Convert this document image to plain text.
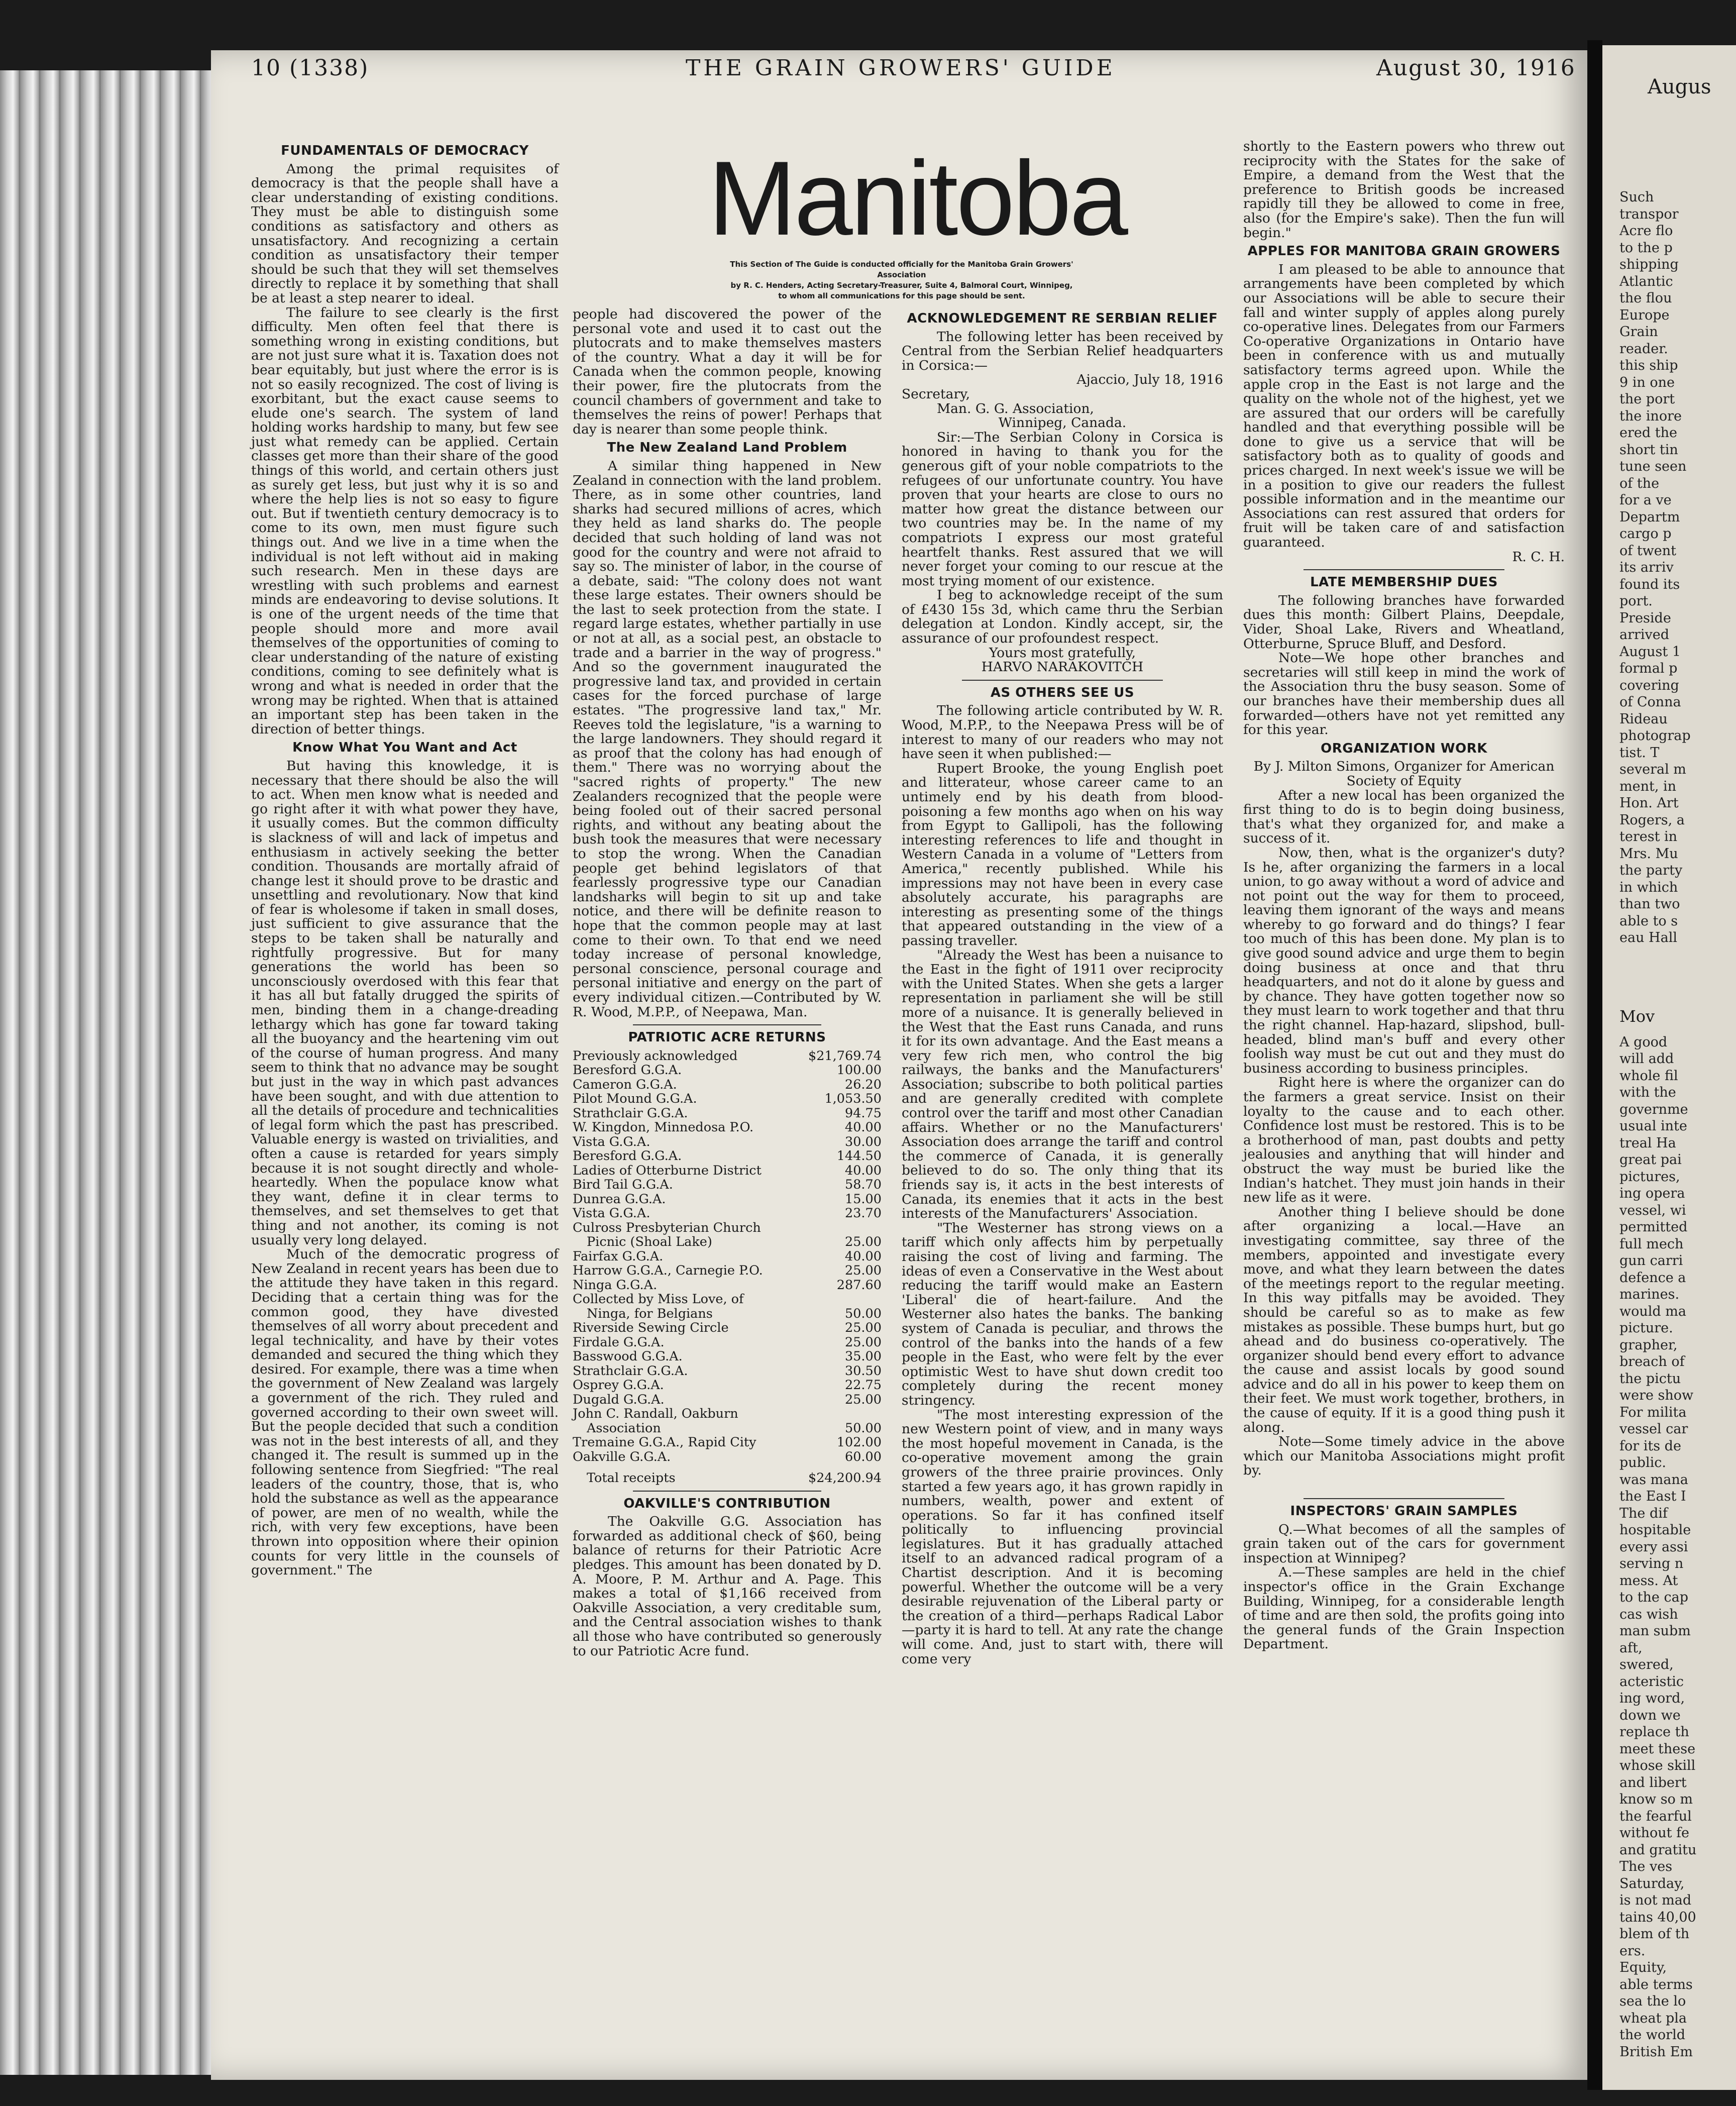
Augus
Such
transpor
Acre flo
to the p
shipping
Atlantic
the flou
Europe
Grain
reader.
this ship
9 in one
the port
the inore
ered the
short tin
tune seen
of the
for a ve
Departm
cargo p
of twent
its arriv
found its
port.
Preside
arrived
August 1
formal p
covering
of Conna
Rideau
photograp
tist. T
several m
ment, in
Hon. Art
Rogers, a
terest in
Mrs. Mu
the party
in which
than two
able to s
eau Hall
Mov
A good
will add
whole fil
with the
governme
usual inte
treal Ha
great pai
pictures,
ing opera
vessel, wi
permitted
full mech
gun carri
defence a
marines.
would ma
picture.
grapher,
breach of
the pictu
were show
For milita
vessel car
for its de
public.
was mana
the East I
The dif
hospitable
every assi
serving n
mess. At
to the cap
cas wish
man subm
aft,
swered,
acteristic
ing word,
down we
replace th
meet these
whose skill
and libert
know so m
the fearful
without fe
and gratitu
The ves
Saturday,
is not mad
tains 40,00
blem of th
ers.
Equity,
able terms
sea the lo
wheat pla
the world
British Em
10 (1338)	THE GRAIN GROWERS' GUIDE	August 30, 1916
Manitoba
This Section of The Guide is conducted officially for the Manitoba Grain Growers' Association
by R. C. Henders, Acting Secretary-Treasurer, Suite 4, Balmoral Court, Winnipeg,
to whom all communications for this page should be sent.
FUNDAMENTALS OF DEMOCRACY

Among the primal requisites of democracy is that the people shall have a clear understanding of existing conditions. They must be able to distinguish some conditions as satisfactory and others as unsatisfactory. And recognizing a certain condition as unsatisfactory their temper should be such that they will set themselves directly to replace it by something that shall be at least a step nearer to ideal.

The failure to see clearly is the first difficulty. Men often feel that there is something wrong in existing conditions, but are not just sure what it is. Taxation does not bear equitably, but just where the error is is not so easily recognized. The cost of living is exorbitant, but the exact cause seems to elude one's search. The system of land holding works hardship to many, but few see just what remedy can be applied. Certain classes get more than their share of the good things of this world, and certain others just as surely get less, but just why it is so and where the help lies is not so easy to figure out. But if twentieth century democracy is to come to its own, men must figure such things out. And we live in a time when the individual is not left without aid in making such research. Men in these days are wrestling with such problems and earnest minds are endeavoring to devise solutions. It is one of the urgent needs of the time that people should more and more avail themselves of the opportunities of coming to clear understanding of the nature of existing conditions, coming to see definitely what is wrong and what is needed in order that the wrong may be righted. When that is attained an important step has been taken in the direction of better things.

Know What You Want and Act

But having this knowledge, it is necessary that there should be also the will to act. When men know what is needed and go right after it with what power they have, it usually comes. But the common difficulty is slackness of will and lack of impetus and enthusiasm in actively seeking the better condition. Thousands are mortally afraid of change lest it should prove to be drastic and unsettling and revolutionary. Now that kind of fear is wholesome if taken in small doses, just sufficient to give assurance that the steps to be taken shall be naturally and rightfully progressive. But for many generations the world has been so unconsciously overdosed with this fear that it has all but fatally drugged the spirits of men, binding them in a change-dreading lethargy which has gone far toward taking all the buoyancy and the heartening vim out of the course of human progress. And many seem to think that no advance may be sought but just in the way in which past advances have been sought, and with due attention to all the details of procedure and technicalities of legal form which the past has prescribed. Valuable energy is wasted on trivialities, and often a cause is retarded for years simply because it is not sought directly and whole-heartedly. When the populace know what they want, define it in clear terms to themselves, and set themselves to get that thing and not another, its coming is not usually very long delayed.

Much of the democratic progress of New Zealand in recent years has been due to the attitude they have taken in this regard. Deciding that a certain thing was for the common good, they have divested themselves of all worry about precedent and legal technicality, and have by their votes demanded and secured the thing which they desired. For example, there was a time when the government of New Zealand was largely a government of the rich. They ruled and governed according to their own sweet will. But the people decided that such a condition was not in the best interests of all, and they changed it. The result is summed up in the following sentence from Siegfried: "The real leaders of the country, those, that is, who hold the substance as well as the appearance of power, are men of no wealth, while the rich, with very few exceptions, have been thrown into opposition where their opinion counts for very little in the counsels of government." The

people had discovered the power of the personal vote and used it to cast out the plutocrats and to make themselves masters of the country. What a day it will be for Canada when the common people, knowing their power, fire the plutocrats from the council chambers of government and take to themselves the reins of power! Perhaps that day is nearer than some people think.

The New Zealand Land Problem

A similar thing happened in New Zealand in connection with the land problem. There, as in some other countries, land sharks had secured millions of acres, which they held as land sharks do. The people decided that such holding of land was not good for the country and were not afraid to say so. The minister of labor, in the course of a debate, said: "The colony does not want these large estates. Their owners should be the last to seek protection from the state. I regard large estates, whether partially in use or not at all, as a social pest, an obstacle to trade and a barrier in the way of progress." And so the government inaugurated the progressive land tax, and provided in certain cases for the forced purchase of large estates. "The progressive land tax," Mr. Reeves told the legislature, "is a warning to the large landowners. They should regard it as proof that the colony has had enough of them." There was no worrying about the "sacred rights of property." The new Zealanders recognized that the people were being fooled out of their sacred personal rights, and without any beating about the bush took the measures that were necessary to stop the wrong. When the Canadian people get behind legislators of that fearlessly progressive type our Canadian landsharks will begin to sit up and take notice, and there will be definite reason to hope that the common people may at last come to their own. To that end we need today increase of personal knowledge, personal conscience, personal courage and personal initiative and energy on the part of every individual citizen.—Contributed by W. R. Wood, M.P.P., of Neepawa, Man.

PATRIOTIC ACRE RETURNS
Previously acknowledged	$21,769.74
Beresford G.G.A.	100.00
Cameron G.G.A.	26.20
Pilot Mound G.G.A.	1,053.50
Strathclair G.G.A.	94.75
W. Kingdon, Minnedosa P.O.	40.00
Vista G.G.A.	30.00
Beresford G.G.A.	144.50
Ladies of Otterburne District	40.00
Bird Tail G.G.A.	58.70
Dunrea G.G.A.	15.00
Vista G.G.A.	23.70
Culross Presbyterian Church	
Picnic (Shoal Lake)	25.00
Fairfax G.G.A.	40.00
Harrow G.G.A., Carnegie P.O.	25.00
Ninga G.G.A.	287.60
Collected by Miss Love, of	
Ninga, for Belgians	50.00
Riverside Sewing Circle	25.00
Firdale G.G.A.	25.00
Basswood G.G.A.	35.00
Strathclair G.G.A.	30.50
Osprey G.G.A.	22.75
Dugald G.G.A.	25.00
John C. Randall, Oakburn	
Association	50.00
Tremaine G.G.A., Rapid City	102.00
Oakville G.G.A.	60.00
Total receipts	$24,200.94
OAKVILLE'S CONTRIBUTION

The Oakville G.G. Association has forwarded as additional check of $60, being balance of returns for their Patriotic Acre pledges. This amount has been donated by D. A. Moore, P. M. Arthur and A. Page. This makes a total of $1,166 received from Oakville Association, a very creditable sum, and the Central association wishes to thank all those who have contributed so generously to our Patriotic Acre fund.

ACKNOWLEDGEMENT RE SERBIAN RELIEF

The following letter has been received by Central from the Serbian Relief headquarters in Corsica:—

Ajaccio, July 18, 1916

Secretary,

Man. G. G. Association,

Winnipeg, Canada.

Sir:—The Serbian Colony in Corsica is honored in having to thank you for the generous gift of your noble compatriots to the refugees of our unfortunate country. You have proven that your hearts are close to ours no matter how great the distance between our two countries may be. In the name of my compatriots I express our most grateful heartfelt thanks. Rest assured that we will never forget your coming to our rescue at the most trying moment of our existence.

I beg to acknowledge receipt of the sum of £430 15s 3d, which came thru the Serbian delegation at London. Kindly accept, sir, the assurance of our profoundest respect.

Yours most gratefully,

HARVO NARAKOVITCH

AS OTHERS SEE US

The following article contributed by W. R. Wood, M.P.P., to the Neepawa Press will be of interest to many of our readers who may not have seen it when published:—

Rupert Brooke, the young English poet and litterateur, whose career came to an untimely end by his death from blood-poisoning a few months ago when on his way from Egypt to Gallipoli, has the following interesting references to life and thought in Western Canada in a volume of "Letters from America," recently published. While his impressions may not have been in every case absolutely accurate, his paragraphs are interesting as presenting some of the things that appeared outstanding in the view of a passing traveller.

"Already the West has been a nuisance to the East in the fight of 1911 over reciprocity with the United States. When she gets a larger representation in parliament she will be still more of a nuisance. It is generally believed in the West that the East runs Canada, and runs it for its own advantage. And the East means a very few rich men, who control the big railways, the banks and the Manufacturers' Association; subscribe to both political parties and are generally credited with complete control over the tariff and most other Canadian affairs. Whether or no the Manufacturers' Association does arrange the tariff and control the commerce of Canada, it is generally believed to do so. The only thing that its friends say is, it acts in the best interests of Canada, its enemies that it acts in the best interests of the Manufacturers' Association.

"The Westerner has strong views on a tariff which only affects him by perpetually raising the cost of living and farming. The ideas of even a Conservative in the West about reducing the tariff would make an Eastern 'Liberal' die of heart-failure. And the Westerner also hates the banks. The banking system of Canada is peculiar, and throws the control of the banks into the hands of a few people in the East, who were felt by the ever optimistic West to have shut down credit too completely during the recent money stringency.

"The most interesting expression of the new Western point of view, and in many ways the most hopeful movement in Canada, is the co-operative movement among the grain growers of the three prairie provinces. Only started a few years ago, it has grown rapidly in numbers, wealth, power and extent of operations. So far it has confined itself politically to influencing provincial legislatures. But it has gradually attached itself to an advanced radical program of a Chartist description. And it is becoming powerful. Whether the outcome will be a very desirable rejuvenation of the Liberal party or the creation of a third—perhaps Radical Labor—party it is hard to tell. At any rate the change will come. And, just to start with, there will come very

shortly to the Eastern powers who threw out reciprocity with the States for the sake of Empire, a demand from the West that the preference to British goods be increased rapidly till they be allowed to come in free, also (for the Empire's sake). Then the fun will begin."

APPLES FOR MANITOBA GRAIN GROWERS

I am pleased to be able to announce that arrangements have been completed by which our Associations will be able to secure their fall and winter supply of apples along purely co-operative lines. Delegates from our Farmers Co-operative Organizations in Ontario have been in conference with us and mutually satisfactory terms agreed upon. While the apple crop in the East is not large and the quality on the whole not of the highest, yet we are assured that our orders will be carefully handled and that everything possible will be done to give us a service that will be satisfactory both as to quality of goods and prices charged. In next week's issue we will be in a position to give our readers the fullest possible information and in the meantime our Associations can rest assured that orders for fruit will be taken care of and satisfaction guaranteed.

R. C. H.

LATE MEMBERSHIP DUES

The following branches have forwarded dues this month: Gilbert Plains, Deepdale, Vider, Shoal Lake, Rivers and Wheatland, Otterburne, Spruce Bluff, and Desford.

Note—We hope other branches and secretaries will still keep in mind the work of the Association thru the busy season. Some of our branches have their membership dues all forwarded—others have not yet remitted any for this year.

ORGANIZATION WORK

By J. Milton Simons, Organizer for American Society of Equity

After a new local has been organized the first thing to do is to begin doing business, that's what they organized for, and make a success of it.

Now, then, what is the organizer's duty? Is he, after organizing the farmers in a local union, to go away without a word of advice and not point out the way for them to proceed, leaving them ignorant of the ways and means whereby to go forward and do things? I fear too much of this has been done. My plan is to give good sound advice and urge them to begin doing business at once and that thru headquarters, and not do it alone by guess and by chance. They have gotten together now so they must learn to work together and that thru the right channel. Hap-hazard, slipshod, bull-headed, blind man's buff and every other foolish way must be cut out and they must do business according to business principles.

Right here is where the organizer can do the farmers a great service. Insist on their loyalty to the cause and to each other. Confidence lost must be restored. This is to be a brotherhood of man, past doubts and petty jealousies and anything that will hinder and obstruct the way must be buried like the Indian's hatchet. They must join hands in their new life as it were.

Another thing I believe should be done after organizing a local.—Have an investigating committee, say three of the members, appointed and investigate every move, and what they learn between the dates of the meetings report to the regular meeting. In this way pitfalls may be avoided. They should be careful so as to make as few mistakes as possible. These bumps hurt, but go ahead and do business co-operatively. The organizer should bend every effort to advance the cause and assist locals by good sound advice and do all in his power to keep them on their feet. We must work together, brothers, in the cause of equity. If it is a good thing push it along.

Note—Some timely advice in the above which our Manitoba Associations might profit by.

INSPECTORS' GRAIN SAMPLES

Q.—What becomes of all the samples of grain taken out of the cars for government inspection at Winnipeg?

A.—These samples are held in the chief inspector's office in the Grain Exchange Building, Winnipeg, for a considerable length of time and are then sold, the profits going into the general funds of the Grain Inspection Department.
